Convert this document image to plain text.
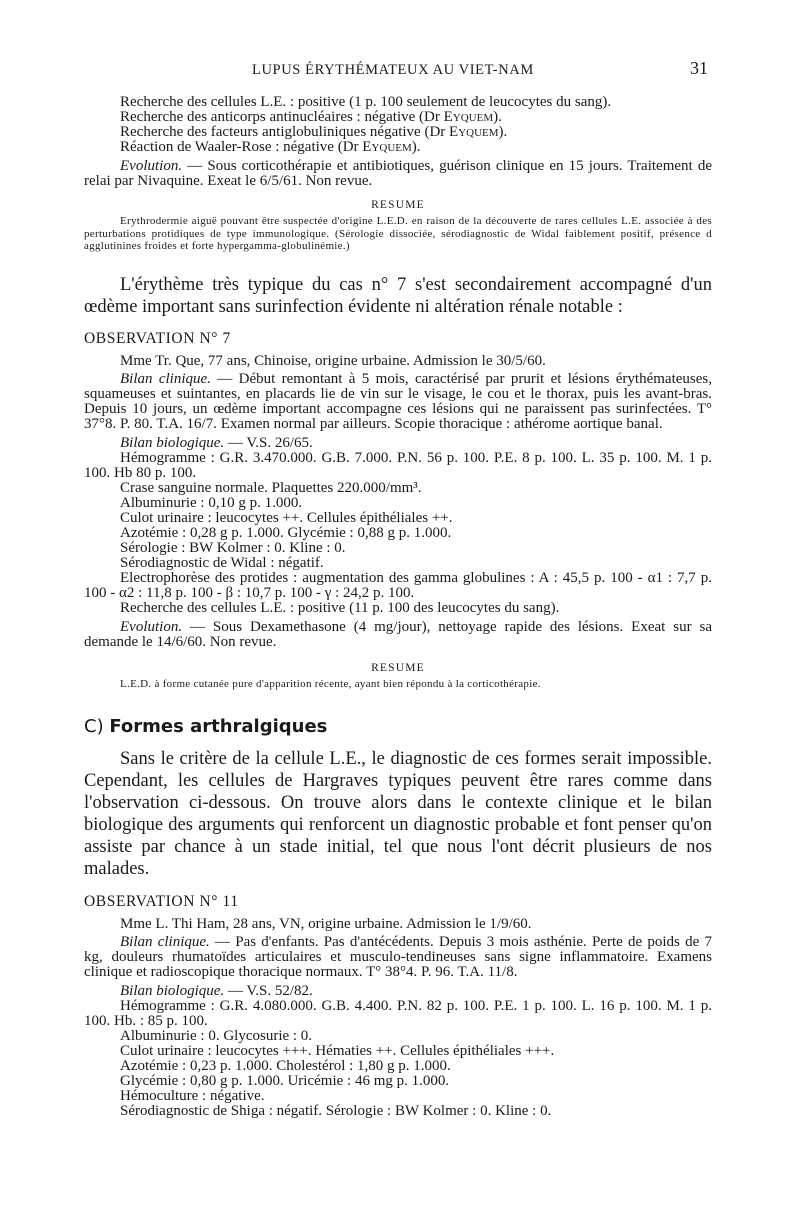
LUPUS ÉRYTHÉMATEUX AU VIET-NAM	31

Recherche des cellules L.E. : positive (1 p. 100 seulement de leucocytes du sang).

Recherche des anticorps antinucléaires : négative (Dr Eyquem).

Recherche des facteurs antiglobuliniques négative (Dr Eyquem).

Réaction de Waaler-Rose : négative (Dr Eyquem).

Evolution. — Sous corticothérapie et antibiotiques, guérison clinique en 15 jours. Traitement de relai par Nivaquine. Exeat le 6/5/61. Non revue.

RESUME

Erythrodermie aiguë pouvant être suspectée d'origine L.E.D. en raison de la découverte de rares cellules L.E. associée à des perturbations protidiques de type immunologique. (Sérologie dissociée, sérodiagnostic de Widal faiblement positif, présence d agglutinines froides et forte hypergamma-globulinémie.)

L'érythème très typique du cas n° 7 s'est secondairement accompagné d'un œdème important sans surinfection évidente ni altération rénale notable :

OBSERVATION N° 7

Mme Tr. Que, 77 ans, Chinoise, origine urbaine. Admission le 30/5/60.

Bilan clinique. — Début remontant à 5 mois, caractérisé par prurit et lésions érythémateuses, squameuses et suintantes, en placards lie de vin sur le visage, le cou et le thorax, puis les avant-bras. Depuis 10 jours, un œdème important accompagne ces lésions qui ne paraissent pas surinfectées. T° 37°8. P. 80. T.A. 16/7. Examen normal par ailleurs. Scopie thoracique : athérome aortique banal.

Bilan biologique. — V.S. 26/65.

Hémogramme : G.R. 3.470.000. G.B. 7.000. P.N. 56 p. 100. P.E. 8 p. 100. L. 35 p. 100. M. 1 p. 100. Hb 80 p. 100.

Crase sanguine normale. Plaquettes 220.000/mm³.

Albuminurie : 0,10 g p. 1.000.

Culot urinaire : leucocytes ++. Cellules épithéliales ++.

Azotémie : 0,28 g p. 1.000. Glycémie : 0,88 g p. 1.000.

Sérologie : BW Kolmer : 0. Kline : 0.

Sérodiagnostic de Widal : négatif.

Electrophorèse des protides : augmentation des gamma globulines : A : 45,5 p. 100 - α1 : 7,7 p. 100 - α2 : 11,8 p. 100 - β : 10,7 p. 100 - γ : 24,2 p. 100.

Recherche des cellules L.E. : positive (11 p. 100 des leucocytes du sang).

Evolution. — Sous Dexamethasone (4 mg/jour), nettoyage rapide des lésions. Exeat sur sa demande le 14/6/60. Non revue.

RESUME

L.E.D. à forme cutanée pure d'apparition récente, ayant bien répondu à la corticothérapie.

C) Formes arthralgiques

Sans le critère de la cellule L.E., le diagnostic de ces formes serait impossible. Cependant, les cellules de Hargraves typiques peuvent être rares comme dans l'observation ci-dessous. On trouve alors dans le contexte clinique et le bilan biologique des arguments qui renforcent un diagnostic probable et font penser qu'on assiste par chance à un stade initial, tel que nous l'ont décrit plusieurs de nos malades.

OBSERVATION N° 11

Mme L. Thi Ham, 28 ans, VN, origine urbaine. Admission le 1/9/60.

Bilan clinique. — Pas d'enfants. Pas d'antécédents. Depuis 3 mois asthénie. Perte de poids de 7 kg, douleurs rhumatoïdes articulaires et musculo-tendineuses sans signe inflammatoire. Examens clinique et radioscopique thoracique normaux. T° 38°4. P. 96. T.A. 11/8.

Bilan biologique. — V.S. 52/82.

Hémogramme : G.R. 4.080.000. G.B. 4.400. P.N. 82 p. 100. P.E. 1 p. 100. L. 16 p. 100. M. 1 p. 100. Hb. : 85 p. 100.

Albuminurie : 0. Glycosurie : 0.

Culot urinaire : leucocytes +++. Hématies ++. Cellules épithéliales +++.

Azotémie : 0,23 p. 1.000. Cholestérol : 1,80 g p. 1.000.

Glycémie : 0,80 g p. 1.000. Uricémie : 46 mg p. 1.000.

Hémoculture : négative.

Sérodiagnostic de Shiga : négatif. Sérologie : BW Kolmer : 0. Kline : 0.
